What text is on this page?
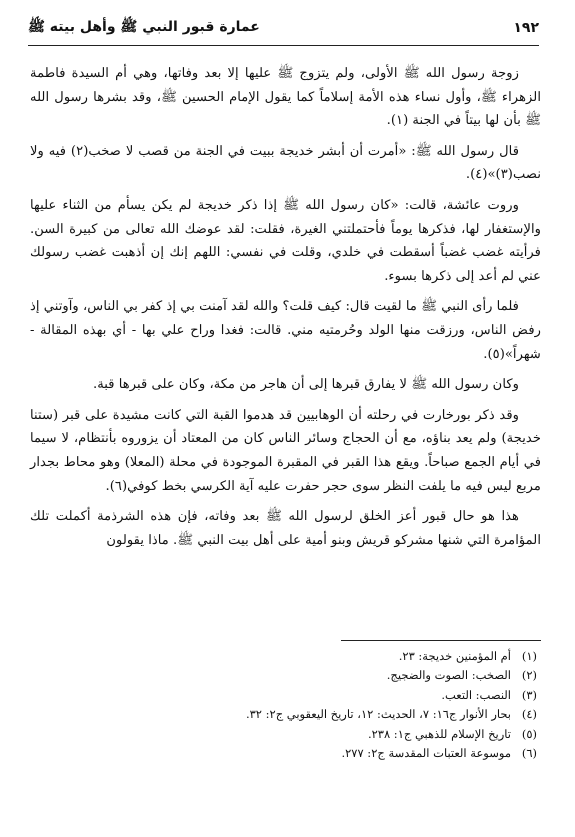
١٩٢
عمارة قبور النبي ﷺ وأهل بيته ﷺ

زوجة رسول الله ﷺ الأولى، ولم يتزوج ﷺ عليها إلا بعد وفاتها، وهي أم السيدة فاطمة الزهراء ﷺ، وأول نساء هذه الأمة إسلاماً كما يقول الإمام الحسين ﷺ، وقد بشرها رسول الله ﷺ بأن لها بيتاً في الجنة (١).

قال رسول الله ﷺ: «أمرت أن أبشر خديجة ببيت في الجنة من قصب لا صخب(٢) فيه ولا نصب(٣)»(٤).

وروت عائشة، قالت: «كان رسول الله ﷺ إذا ذكر خديجة لم يكن يسأم من الثناء عليها والإستغفار لها، فذكرها يوماً فأحتملتني الغيرة، فقلت: لقد عوضك الله تعالى من كبيرة السن. فرأيته غضب غضباً أسقطت في خلدي، وقلت في نفسي: اللهم إنك إن أذهبت غضب رسولك عني لم أعد إلى ذكرها بسوء.

فلما رأى النبي ﷺ ما لقيت قال: كيف قلت؟ والله لقد آمنت بي إذ كفر بي الناس، وآوتني إذ رفض الناس، ورزقت منها الولد وحُرمتيه مني. قالت: فغدا وراح علي بها - أي بهذه المقالة - شهراً»(٥).

وكان رسول الله ﷺ لا يفارق قبرها إلى أن هاجر من مكة، وكان على قبرها قبة.

وقد ذكر بورخارت في رحلته أن الوهابيين قد هدموا القبة التي كانت مشيدة على قبر (ستنا خديجة) ولم يعد بناؤه، مع أن الحجاج وسائر الناس كان من المعتاد أن يزوروه بأنتظام، لا سيما في أيام الجمع صباحاً. ويقع هذا القبر في المقبرة الموجودة في محلة (المعلا) وهو محاط بجدار مربع ليس فيه ما يلفت النظر سوى حجر حفرت عليه آية الكرسي بخط كوفي(٦).

هذا هو حال قبور أعز الخلق لرسول الله ﷺ بعد وفاته، فإن هذه الشرذمة أكملت تلك المؤامرة التي شنها مشركو قريش وبنو أمية على أهل بيت النبي ﷺ. ماذا يقولون

(١)أم المؤمنين خديجة: ٢٣.
(٢)الصخب: الصوت والضجيج.
(٣)النصب: التعب.
(٤)بحار الأنوار ج١٦: ٧، الحديث: ١٢، تاريخ اليعقوبي ج٢: ٣٢.
(٥)تاريخ الإسلام للذهبي ج١: ٢٣٨.
(٦)موسوعة العتبات المقدسة ج٢: ٢٧٧.
